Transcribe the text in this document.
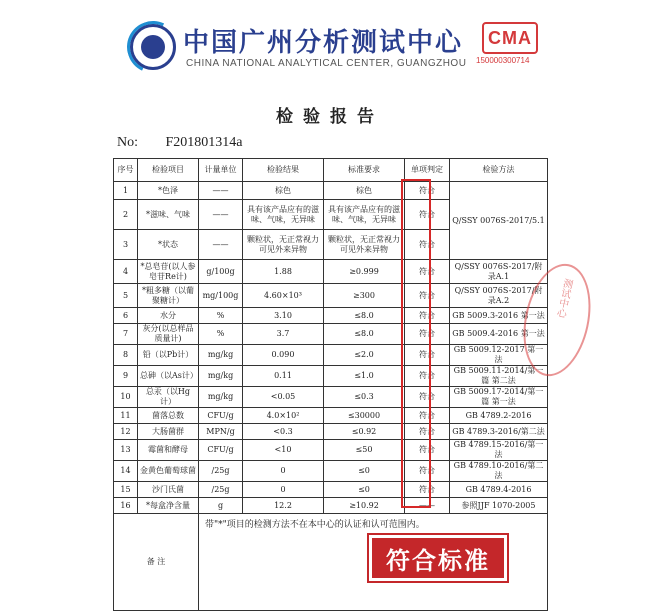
中国广州分析测试中心
CHINA NATIONAL ANALYTICAL CENTER, GUANGZHOU
CMA
150000300714
检验报告
No: F201801314a
序号	检验项目	计量单位	检验结果	标准要求	单项判定	检验方法
1	*色泽	——	棕色	棕色	符合	Q/SSY 0076S-2017/5.1
2	*滋味、气味	——	具有该产品应有的滋味、气味，无异味	具有该产品应有的滋味、气味，无异味	符合	
3	*状态	——	颗粒状，无正常视力可见外来异物	颗粒状，无正常视力可见外来异物	符合	
4	*总皂苷(以人参皂苷Re计)	g/100g	1.88	≥0.999	符合	Q/SSY 0076S-2017/附录A.1
5	*粗多糖（以葡聚糖计）	mg/100g	4.60×10³	≥300	符合	Q/SSY 0076S-2017/附录A.2
6	水分	%	3.10	≤8.0	符合	GB 5009.3-2016 第一法
7	灰分(以总样品质量计)	%	3.7	≤8.0	符合	GB 5009.4-2016 第一法
8	铅（以Pb计）	mg/kg	0.090	≤2.0	符合	GB 5009.12-2017 第一法
9	总砷（以As计）	mg/kg	0.11	≤1.0	符合	GB 5009.11-2014/第一篇 第二法
10	总汞（以Hg计）	mg/kg	<0.05	≤0.3	符合	GB 5009.17-2014/第一篇 第一法
11	菌落总数	CFU/g	4.0×10²	≤30000	符合	GB 4789.2-2016
12	大肠菌群	MPN/g	<0.3	≤0.92	符合	GB 4789.3-2016/第二法
13	霉菌和酵母	CFU/g	<10	≤50	符合	GB 4789.15-2016/第一法
14	金黄色葡萄球菌	/25g	0	≤0	符合	GB 4789.10-2016/第二法
15	沙门氏菌	/25g	0	≤0	符合	GB 4789.4-2016
16	*每盒净含量	g	12.2	≥10.92	——	参照JJF 1070-2005
备 注		带"*"项目的检测方法不在本中心的认证和认可范围内。				
测试中心
符合标准
